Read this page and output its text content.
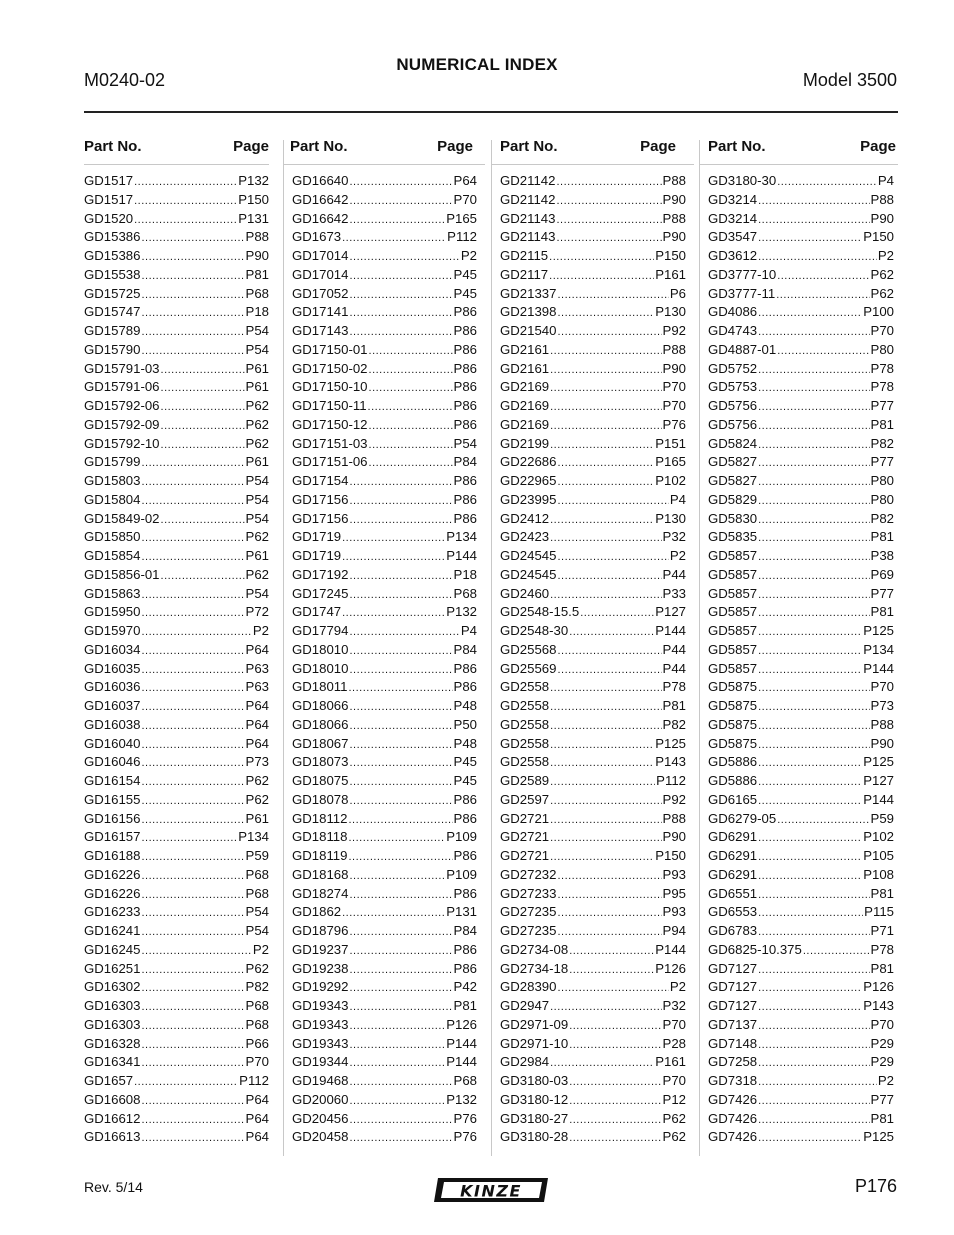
NUMERICAL INDEX
M0240-02	Model 3500
Part No.	Page
GD1517 .....	P132
GD1517 .....	P150
GD1520 .....	P131
GD15386 .....	P88
GD15386 .....	P90
GD15538 .....	P81
GD15725 .....	P68
GD15747 .....	P18
GD15789 .....	P54
GD15790 .....	P54
GD15791-03 .....	P61
GD15791-06 .....	P61
GD15792-06 .....	P62
GD15792-09 .....	P62
GD15792-10 .....	P62
GD15799 .....	P61
GD15803 .....	P54
GD15804 .....	P54
GD15849-02 .....	P54
GD15850 .....	P62
GD15854 .....	P61
GD15856-01 .....	P62
GD15863 .....	P54
GD15950 .....	P72
GD15970 .....	P2
GD16034 .....	P64
GD16035 .....	P63
GD16036 .....	P63
GD16037 .....	P64
GD16038 .....	P64
GD16040 .....	P64
GD16046 .....	P73
GD16154 .....	P62
GD16155 .....	P62
GD16156 .....	P61
GD16157 .....	P134
GD16188 .....	P59
GD16226 .....	P68
GD16226 .....	P68
GD16233 .....	P54
GD16241 .....	P54
GD16245 .....	P2
GD16251 .....	P62
GD16302 .....	P82
GD16303 .....	P68
GD16303 .....	P68
GD16328 .....	P66
GD16341 .....	P70
GD1657 .....	P112
GD16608 .....	P64
GD16612 .....	P64
GD16613 .....	P64
Part No.	Page
GD16640 .....	P64
GD16642 .....	P70
GD16642 .....	P165
GD1673 .....	P112
GD17014 .....	P2
GD17014 .....	P45
GD17052 .....	P45
GD17141 .....	P86
GD17143 .....	P86
GD17150-01 .....	P86
GD17150-02 .....	P86
GD17150-10 .....	P86
GD17150-11 .....	P86
GD17150-12 .....	P86
GD17151-03 .....	P54
GD17151-06 .....	P84
GD17154 .....	P86
GD17156 .....	P86
GD17156 .....	P86
GD1719 .....	P134
GD1719 .....	P144
GD17192 .....	P18
GD17245 .....	P68
GD1747 .....	P132
GD17794 .....	P4
GD18010 .....	P84
GD18010 .....	P86
GD18011 .....	P86
GD18066 .....	P48
GD18066 .....	P50
GD18067 .....	P48
GD18073 .....	P45
GD18075 .....	P45
GD18078 .....	P86
GD18112 .....	P86
GD18118 .....	P109
GD18119 .....	P86
GD18168 .....	P109
GD18274 .....	P86
GD1862 .....	P131
GD18796 .....	P84
GD19237 .....	P86
GD19238 .....	P86
GD19292 .....	P42
GD19343 .....	P81
GD19343 .....	P126
GD19343 .....	P144
GD19344 .....	P144
GD19468 .....	P68
GD20060 .....	P132
GD20456 .....	P76
GD20458 .....	P76
Part No.	Page
GD21142 .....	P88
GD21142 .....	P90
GD21143 .....	P88
GD21143 .....	P90
GD2115 .....	P150
GD2117 .....	P161
GD21337 .....	P6
GD21398 .....	P130
GD21540 .....	P92
GD2161 .....	P88
GD2161 .....	P90
GD2169 .....	P70
GD2169 .....	P70
GD2169 .....	P76
GD2199 .....	P151
GD22686 .....	P165
GD22965 .....	P102
GD23995 .....	P4
GD2412 .....	P130
GD2423 .....	P32
GD24545 .....	P2
GD24545 .....	P44
GD2460 .....	P33
GD2548-15.5 .....	P127
GD2548-30 .....	P144
GD25568 .....	P44
GD25569 .....	P44
GD2558 .....	P78
GD2558 .....	P81
GD2558 .....	P82
GD2558 .....	P125
GD2558 .....	P143
GD2589 .....	P112
GD2597 .....	P92
GD2721 .....	P88
GD2721 .....	P90
GD2721 .....	P150
GD27232 .....	P93
GD27233 .....	P95
GD27235 .....	P93
GD27235 .....	P94
GD2734-08 .....	P144
GD2734-18 .....	P126
GD28390 .....	P2
GD2947 .....	P32
GD2971-09 .....	P70
GD2971-10 .....	P28
GD2984 .....	P161
GD3180-03 .....	P70
GD3180-12 .....	P12
GD3180-27 .....	P62
GD3180-28 .....	P62
Part No.	Page
GD3180-30 .....	P4
GD3214 .....	P88
GD3214 .....	P90
GD3547 .....	P150
GD3612 .....	P2
GD3777-10 .....	P62
GD3777-11 .....	P62
GD4086 .....	P100
GD4743 .....	P70
GD4887-01 .....	P80
GD5752 .....	P78
GD5753 .....	P78
GD5756 .....	P77
GD5756 .....	P81
GD5824 .....	P82
GD5827 .....	P77
GD5827 .....	P80
GD5829 .....	P80
GD5830 .....	P82
GD5835 .....	P81
GD5857 .....	P38
GD5857 .....	P69
GD5857 .....	P77
GD5857 .....	P81
GD5857 .....	P125
GD5857 .....	P134
GD5857 .....	P144
GD5875 .....	P70
GD5875 .....	P73
GD5875 .....	P88
GD5875 .....	P90
GD5886 .....	P125
GD5886 .....	P127
GD6165 .....	P144
GD6279-05 .....	P59
GD6291 .....	P102
GD6291 .....	P105
GD6291 .....	P108
GD6551 .....	P81
GD6553 .....	P115
GD6783 .....	P71
GD6825-10.375 .....	P78
GD7127 .....	P81
GD7127 .....	P126
GD7127 .....	P143
GD7137 .....	P70
GD7148 .....	P29
GD7258 .....	P29
GD7318 .....	P2
GD7426 .....	P77
GD7426 .....	P81
GD7426 .....	P125
Rev. 5/14	KINZE	P176
